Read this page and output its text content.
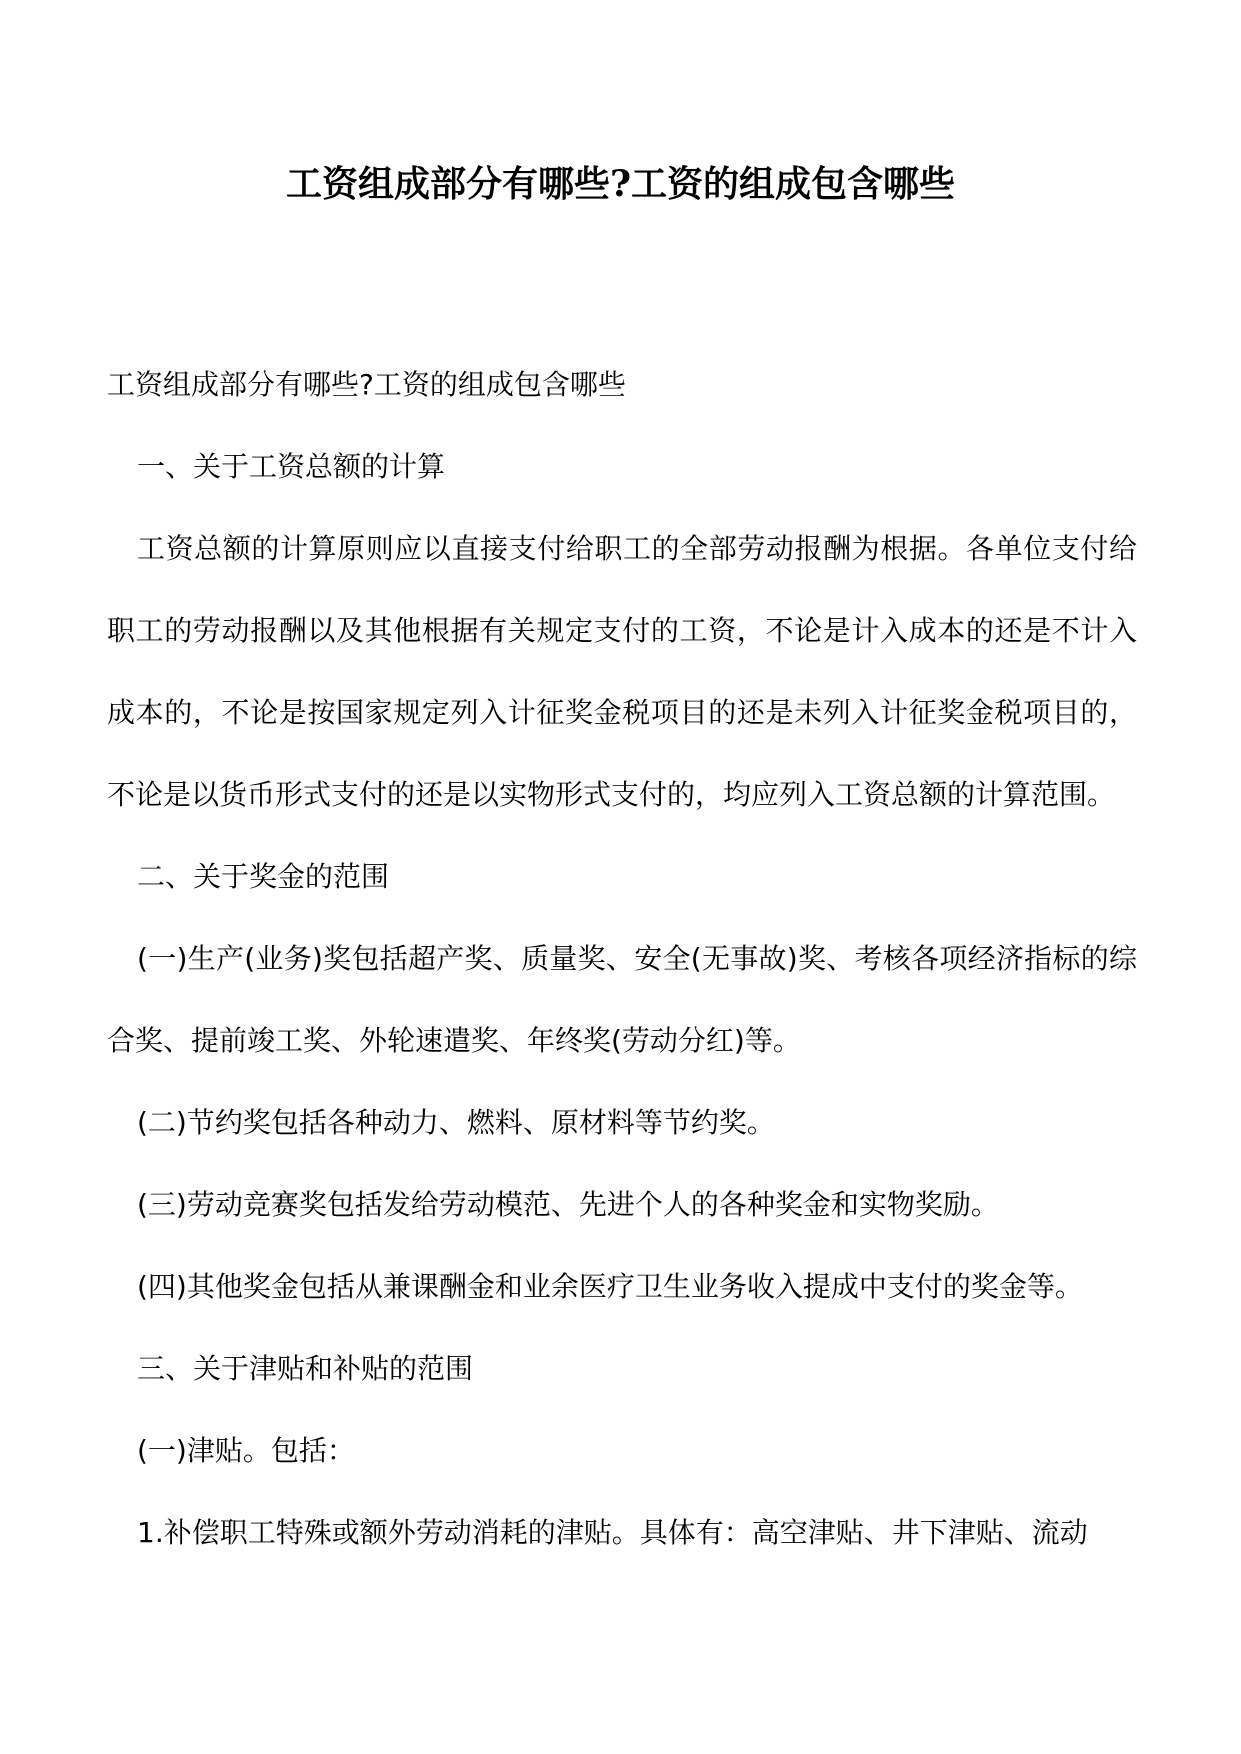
工资组成部分有哪些?工资的组成包含哪些

工资组成部分有哪些?工资的组成包含哪些

一、关于工资总额的计算

工资总额的计算原则应以直接支付给职工的全部劳动报酬为根据。各单位支付给职工的劳动报酬以及其他根据有关规定支付的工资，不论是计入成本的还是不计入成本的，不论是按国家规定列入计征奖金税项目的还是未列入计征奖金税项目的，不论是以货币形式支付的还是以实物形式支付的，均应列入工资总额的计算范围。

二、关于奖金的范围

(一)生产(业务)奖包括超产奖、质量奖、安全(无事故)奖、考核各项经济指标的综合奖、提前竣工奖、外轮速遣奖、年终奖(劳动分红)等。

(二)节约奖包括各种动力、燃料、原材料等节约奖。

(三)劳动竞赛奖包括发给劳动模范、先进个人的各种奖金和实物奖励。

(四)其他奖金包括从兼课酬金和业余医疗卫生业务收入提成中支付的奖金等。

三、关于津贴和补贴的范围

(一)津贴。包括：

1.补偿职工特殊或额外劳动消耗的津贴。具体有：高空津贴、井下津贴、流动
